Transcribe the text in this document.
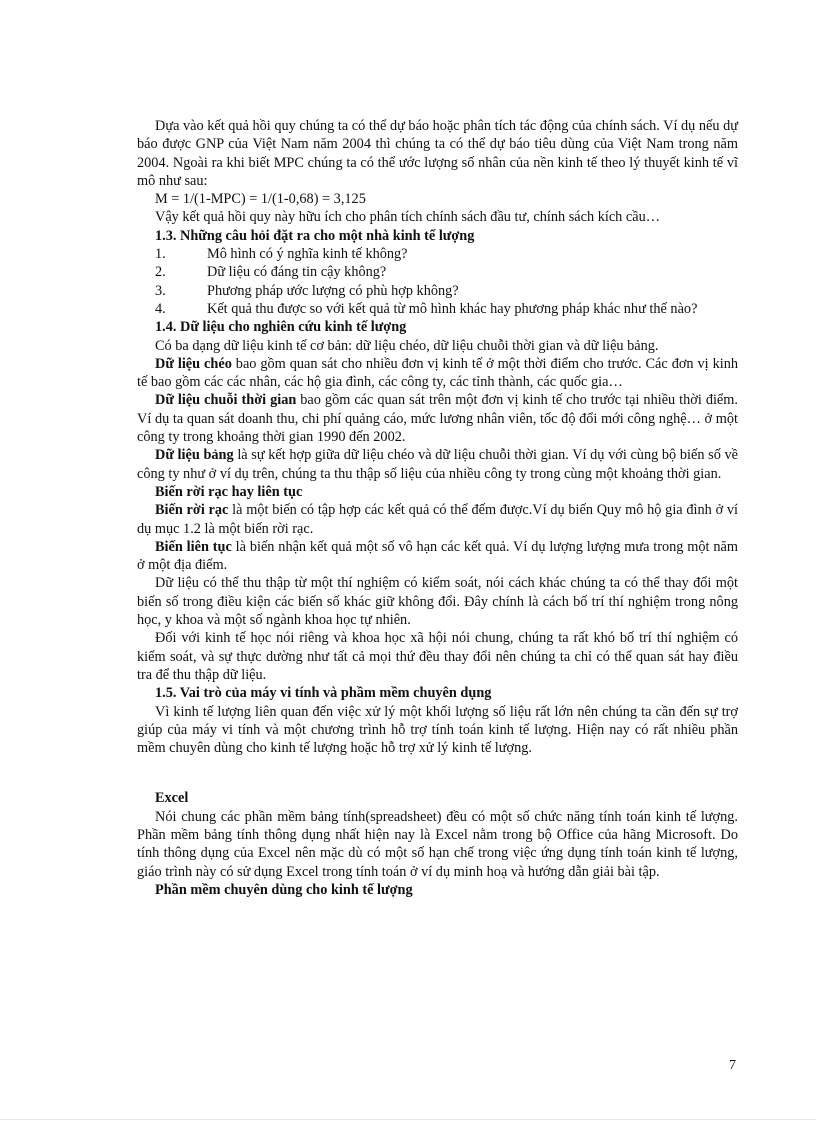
Dựa vào kết quả hồi quy chúng ta có thể dự báo hoặc phân tích tác động của chính sách. Ví dụ nếu dự báo được GNP của Việt Nam năm 2004 thì chúng ta có thể dự báo tiêu dùng của Việt Nam trong năm 2004. Ngoài ra khi biết MPC chúng ta có thể ước lượng số nhân của nền kinh tế theo lý thuyết kinh tế vĩ mô như sau:

M = 1/(1-MPC) = 1/(1-0,68) = 3,125

Vậy kết quả hồi quy này hữu ích cho phân tích chính sách đầu tư, chính sách kích cầu…

1.3. Những câu hỏi đặt ra cho một nhà kinh tế lượng

1.	Mô hình có ý nghĩa kinh tế không?
2.	Dữ liệu có đáng tin cậy không?
3.	Phương pháp ước lượng có phù hợp không?

4.	Kết quả thu được so với kết quả từ mô hình khác hay phương pháp khác như thế nào?

1.4. Dữ liệu cho nghiên cứu kinh tế lượng

Có ba dạng dữ liệu kinh tế cơ bản: dữ liệu chéo, dữ liệu chuỗi thời gian và dữ liệu bảng.

Dữ liệu chéo bao gồm quan sát cho nhiều đơn vị kinh tế ở một thời điểm cho trước. Các đơn vị kinh tế bao gồm các các nhân, các hộ gia đình, các công ty, các tỉnh thành, các quốc gia…

Dữ liệu chuỗi thời gian bao gồm các quan sát trên một đơn vị kinh tế cho trước tại nhiều thời điểm. Ví dụ ta quan sát doanh thu, chi phí quảng cáo, mức lương nhân viên, tốc độ đổi mới công nghệ… ở một công ty trong khoảng thời gian 1990 đến 2002.

Dữ liệu bảng là sự kết hợp giữa dữ liệu chéo và dữ liệu chuỗi thời gian. Ví dụ với cùng bộ biến số về công ty như ở ví dụ trên, chúng ta thu thập số liệu của nhiều công ty trong cùng một khoảng thời gian.

Biến rời rạc hay liên tục

Biến rời rạc là một biến có tập hợp các kết quả có thể đếm được.Ví dụ biến Quy mô hộ gia đình ở ví dụ mục 1.2 là một biến rời rạc.

Biến liên tục là biến nhận kết quả một số vô hạn các kết quả. Ví dụ lượng lượng mưa trong một năm ở một địa điểm.

Dữ liệu có thể thu thập từ một thí nghiệm có kiểm soát, nói cách khác chúng ta có thể thay đổi một biến số trong điều kiện các biến số khác giữ không đổi. Đây chính là cách bố trí thí nghiệm trong nông học, y khoa và một số ngành khoa học tự nhiên.

Đối với kinh tế học nói riêng và khoa học xã hội nói chung, chúng ta rất khó bố trí thí nghiệm có kiểm soát, và sự thực dường như tất cả mọi thứ đều thay đổi nên chúng ta chỉ có thể quan sát hay điều tra để thu thập dữ liệu.

1.5. Vai trò của máy vi tính và phầm mềm chuyên dụng

Vì kinh tế lượng liên quan đến việc xử lý một khối lượng số liệu rất lớn nên chúng ta cần đến sự trợ giúp của máy vi tính và một chương trình hỗ trợ tính toán kinh tế lượng. Hiện nay có rất nhiều phần mềm chuyên dùng cho kinh tế lượng hoặc hỗ trợ xử lý kinh tế lượng.

Excel

Nói chung các phần mềm bảng tính(spreadsheet) đều có một số chức năng tính toán kinh tế lượng. Phần mềm bảng tính thông dụng nhất hiện nay là Excel nằm trong bộ Office của hãng Microsoft. Do tính thông dụng của Excel nên mặc dù có một số hạn chế trong việc ứng dụng tính toán kinh tế lượng, giáo trình này có sử dụng Excel trong tính toán ở ví dụ minh hoạ và hướng dẫn giải bài tập.

Phần mềm chuyên dùng cho kinh tế lượng

7
